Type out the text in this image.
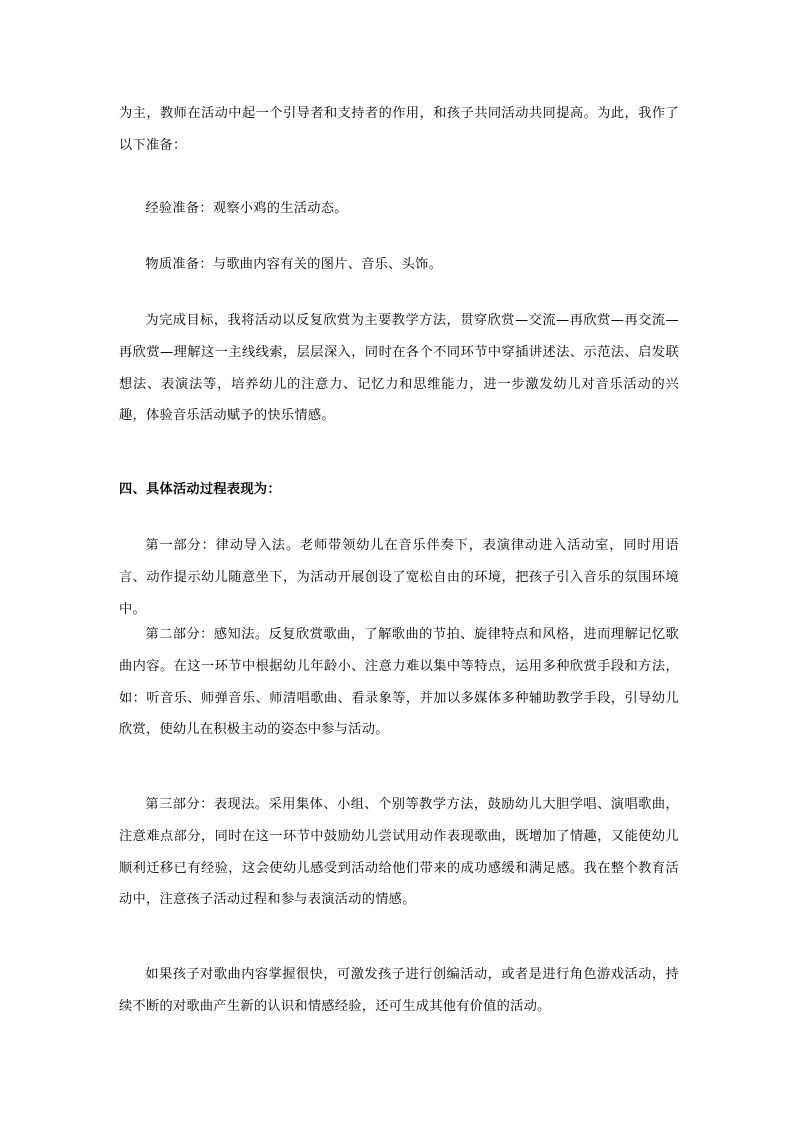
为主，教师在活动中起一个引导者和支持者的作用，和孩子共同活动共同提高。为此，我作了以下准备：

经验准备：观察小鸡的生活动态。

物质准备：与歌曲内容有关的图片、音乐、头饰。

为完成目标，我将活动以反复欣赏为主要教学方法，贯穿欣赏—交流—再欣赏—再交流—再欣赏—理解这一主线线索，层层深入，同时在各个不同环节中穿插讲述法、示范法、启发联想法、表演法等，培养幼儿的注意力、记忆力和思维能力，进一步激发幼儿对音乐活动的兴趣，体验音乐活动赋予的快乐情感。

四、具体活动过程表现为：

第一部分：律动导入法。老师带领幼儿在音乐伴奏下，表演律动进入活动室，同时用语言、动作提示幼儿随意坐下，为活动开展创设了宽松自由的环境，把孩子引入音乐的氛围环境中。

第二部分：感知法。反复欣赏歌曲，了解歌曲的节拍、旋律特点和风格，进而理解记忆歌曲内容。在这一环节中根据幼儿年龄小、注意力难以集中等特点，运用多种欣赏手段和方法，如：听音乐、师弹音乐、师清唱歌曲、看录象等，并加以多媒体多种辅助教学手段，引导幼儿欣赏，使幼儿在积极主动的姿态中参与活动。

第三部分：表现法。采用集体、小组、个别等教学方法，鼓励幼儿大胆学唱、演唱歌曲，注意难点部分，同时在这一环节中鼓励幼儿尝试用动作表现歌曲，既增加了情趣，又能使幼儿顺利迁移已有经验，这会使幼儿感受到活动给他们带来的成功感缓和满足感。我在整个教育活动中，注意孩子活动过程和参与表演活动的情感。

如果孩子对歌曲内容掌握很快，可激发孩子进行创编活动，或者是进行角色游戏活动，持续不断的对歌曲产生新的认识和情感经验，还可生成其他有价值的活动。
